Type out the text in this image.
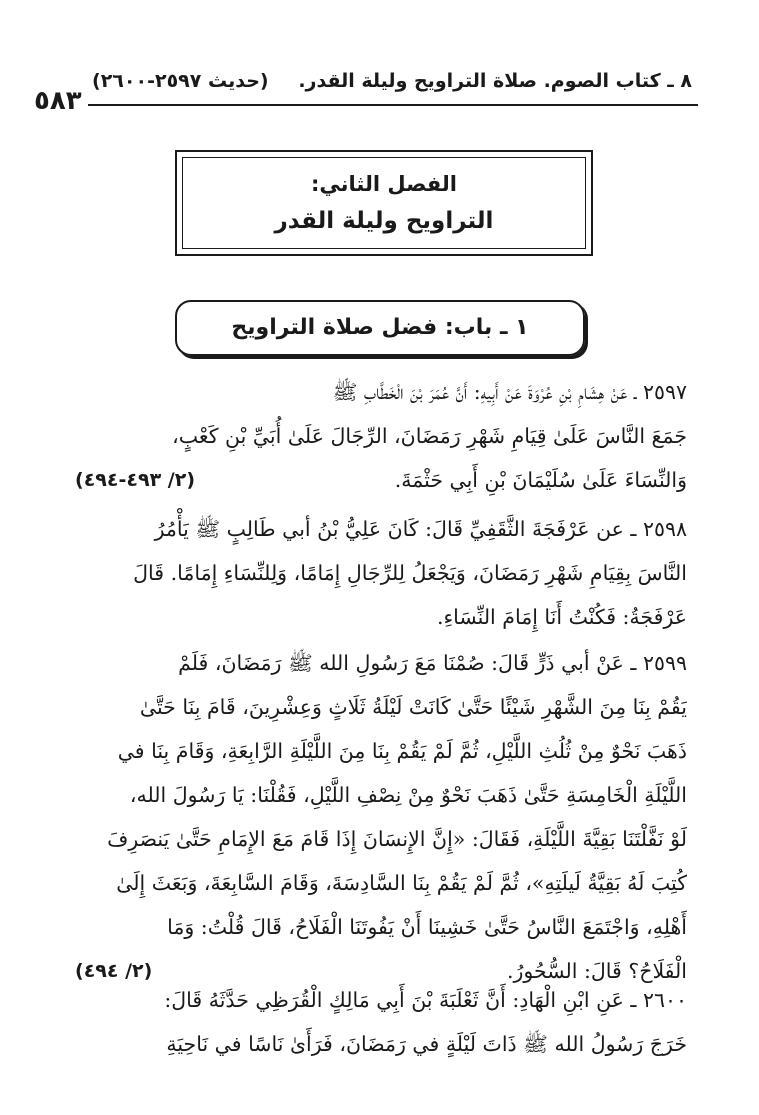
٥٨٣
٨ ـ كتاب الصوم. صلاة التراويح وليلة القدر.
(حديث ٢٥٩٧-٢٦٠٠)
الفصل الثاني:
التراويح وليلة القدر
١ ـ باب: فضل صلاة التراويح
٢٥٩٧ ـ عَنْ هِشَامِ بْنِ عُرْوَةَ عَنْ أَبِيهِ: أَنَّ عُمَرَ بْنَ الْخَطَّابِ ﷺ
جَمَعَ النَّاسَ عَلَىٰ قِيَامِ شَهْرِ رَمَضَانَ، الرِّجَالَ عَلَىٰ أُبَيِّ بْنِ كَعْبٍ،
وَالنِّسَاءَ عَلَىٰ سُلَيْمَانَ بْنِ أَبِي حَثْمَةَ.
(٢/ ٤٩٣-٤٩٤)
٢٥٩٨ ـ عن عَرْفَجَةَ الثَّقَفِيِّ قَالَ: كَانَ عَلِيُّ بْنُ أبي طَالِبٍ ﷺ يَأْمُرُ
النَّاسَ بِقِيَامِ شَهْرِ رَمَضَانَ، وَيَجْعَلُ لِلرِّجَالِ إِمَامًا، وَلِلنِّسَاءِ إِمَامًا. قَالَ
عَرْفَجَةُ: فَكُنْتُ أَنَا إِمَامَ النِّسَاءِ.
٢٥٩٩ ـ عَنْ أبي ذَرٍّ قَالَ: صُمْنَا مَعَ رَسُولِ الله ﷺ رَمَضَانَ، فَلَمْ
يَقُمْ بِنَا مِنَ الشَّهْرِ شَيْئًا حَتَّىٰ كَانَتْ لَيْلَةُ ثَلَاثٍ وَعِشْرِينَ، قَامَ بِنَا حَتَّىٰ
ذَهَبَ نَحْوٌ مِنْ ثُلُثِ اللَّيْلِ، ثُمَّ لَمْ يَقُمْ بِنَا مِنَ اللَّيْلَةِ الرَّابِعَةِ، وَقَامَ بِنَا في
اللَّيْلَةِ الْخَامِسَةِ حَتَّىٰ ذَهَبَ نَحْوٌ مِنْ نِصْفِ اللَّيْلِ، فَقُلْنَا: يَا رَسُولَ الله،
لَوْ نَفَّلْتَنَا بَقِيَّةَ اللَّيْلَةِ، فَقَالَ: «إِنَّ الإِنسَانَ إِذَا قَامَ مَعَ الإِمَامِ حَتَّىٰ يَنصَرِفَ
كُتِبَ لَهُ بَقِيَّةُ لَيلَتِهِ»، ثُمَّ لَمْ يَقُمْ بِنَا السَّادِسَةَ، وَقَامَ السَّابِعَةَ، وَبَعَثَ إِلَىٰ
أَهْلِهِ، وَاجْتَمَعَ النَّاسُ حَتَّىٰ خَشِينَا أَنْ يَفُوتَنَا الْفَلَاحُ، قَالَ قُلْتُ: وَمَا
الْفَلَاحُ؟ قَالَ: السُّحُورُ.
(٢/ ٤٩٤)
٢٦٠٠ ـ عَنِ ابْنِ الْهَادِ: أَنَّ ثَعْلَبَةَ بْنَ أَبِي مَالِكٍ الْقُرَظِي حَدَّثَهُ قَالَ:
خَرَجَ رَسُولُ الله ﷺ ذَاتَ لَيْلَةٍ في رَمَضَانَ، فَرَأَىٰ نَاسًا في نَاحِيَةِ
